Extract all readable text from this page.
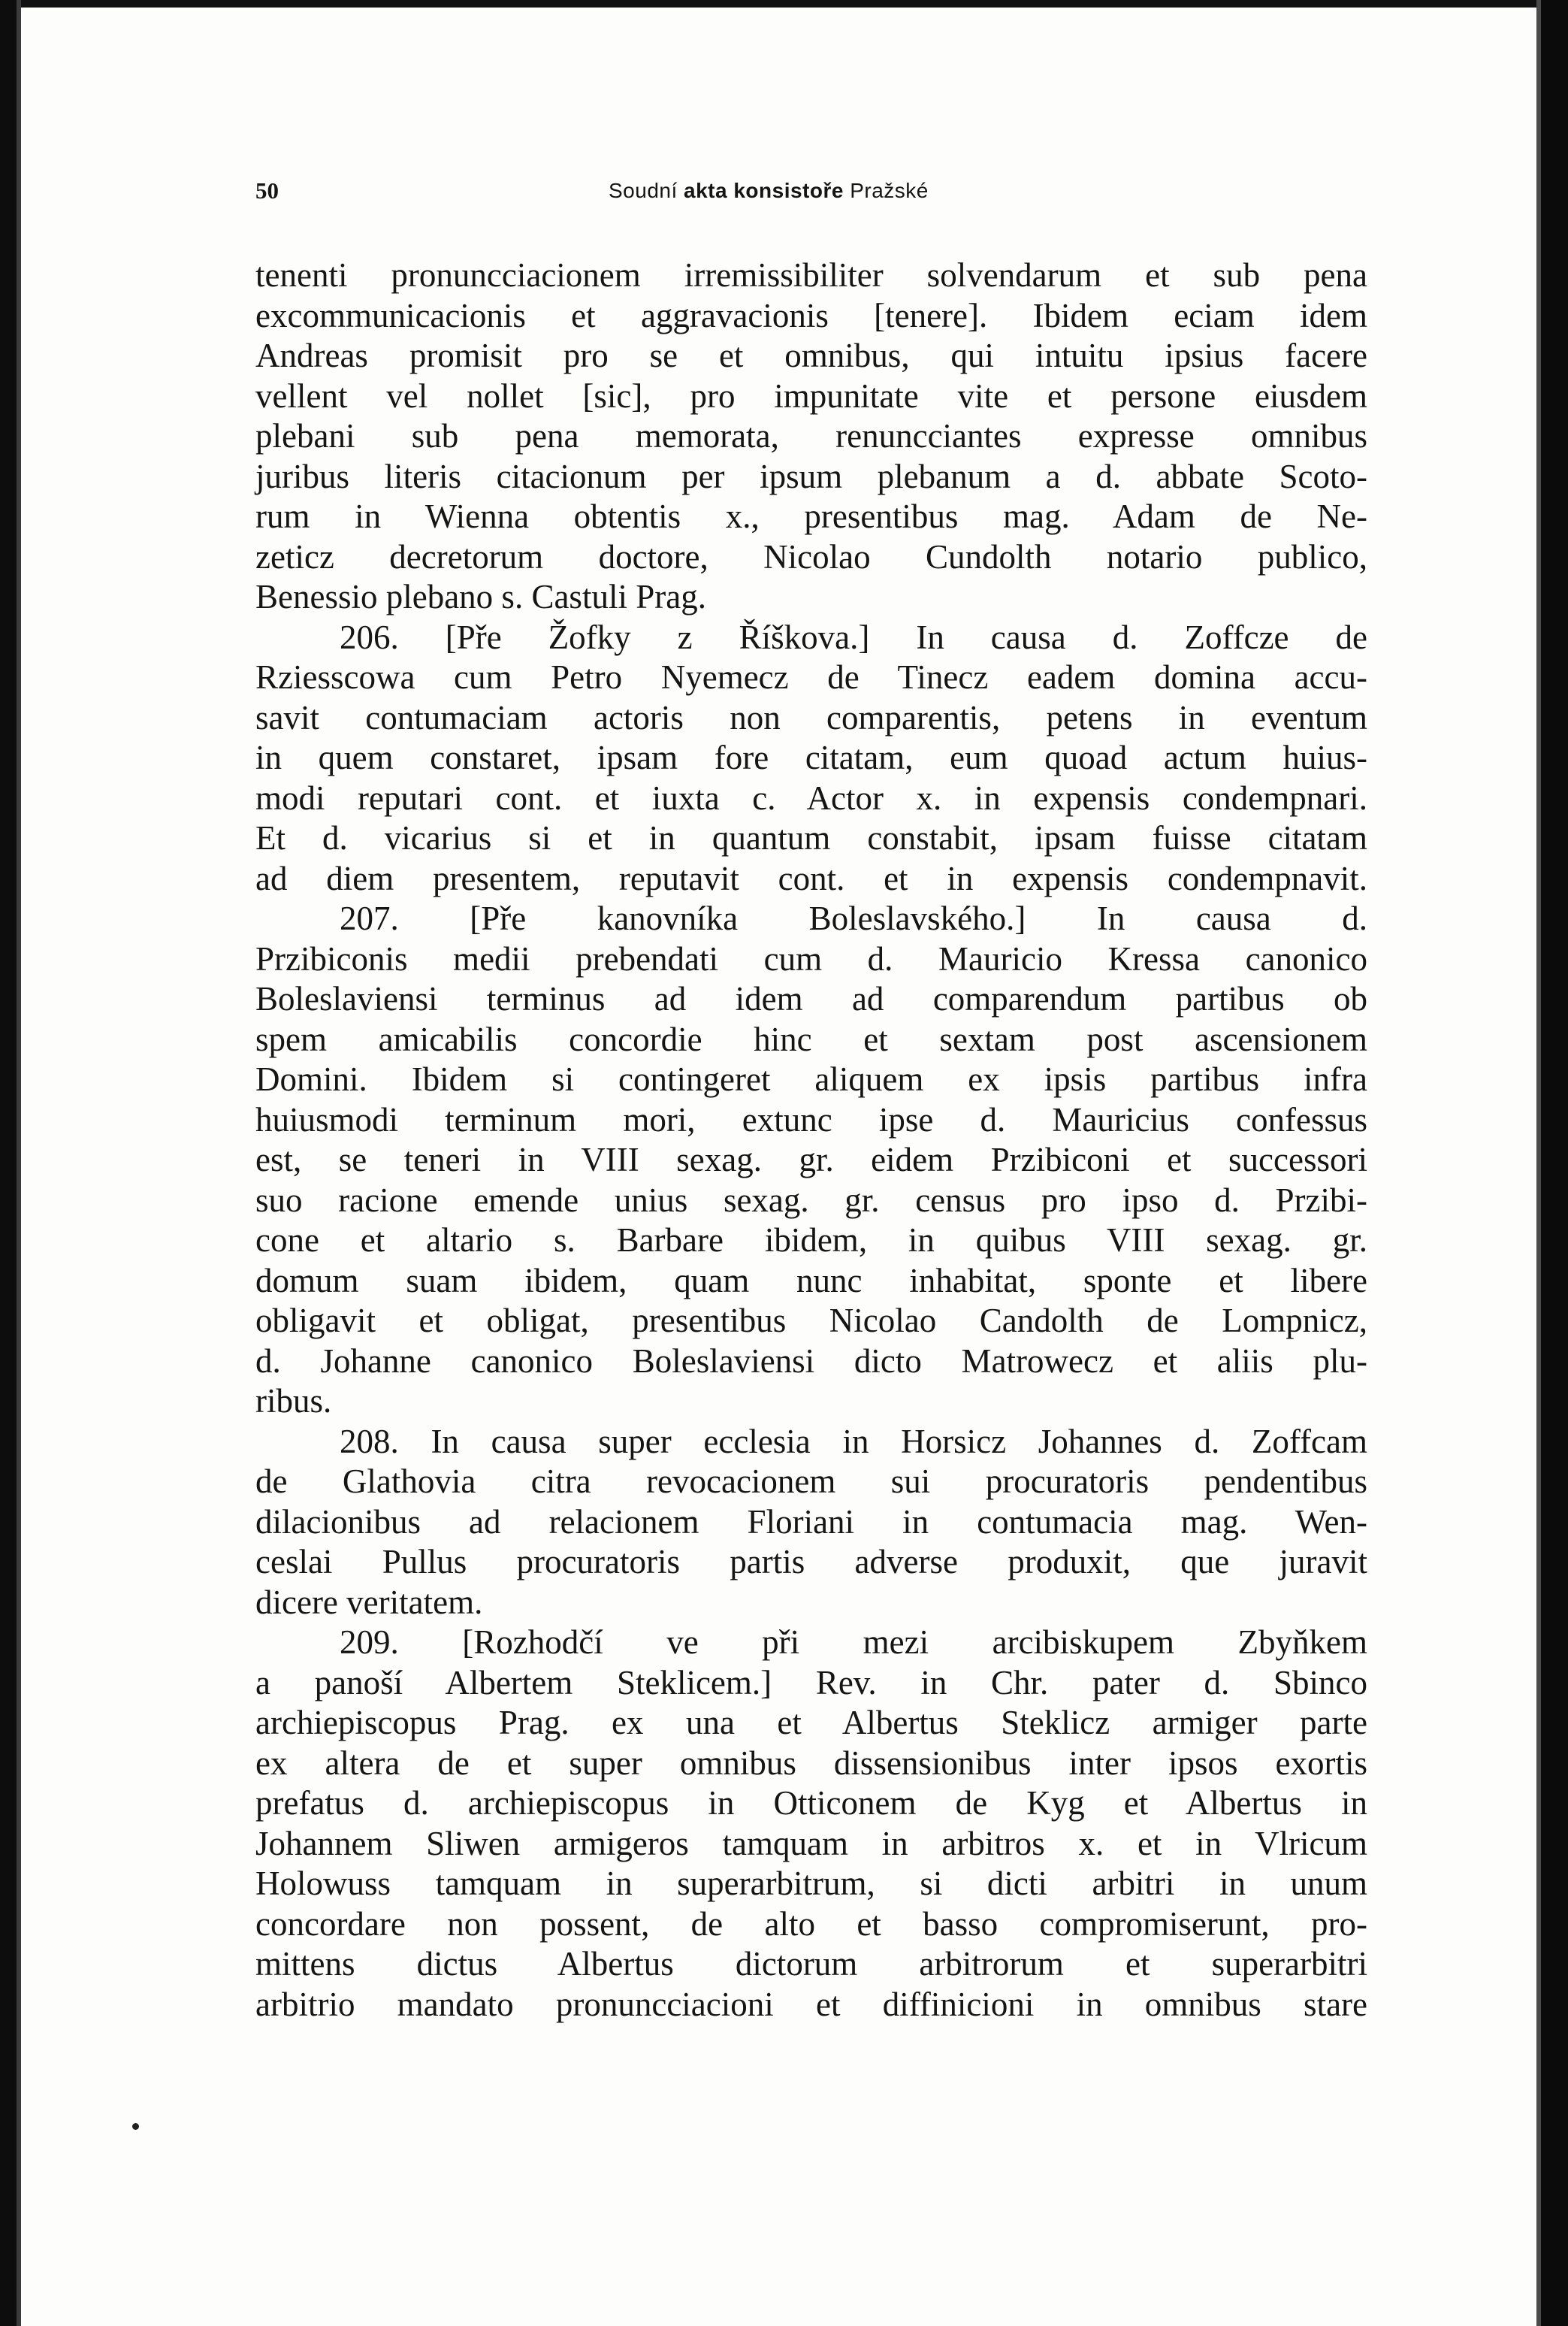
50	Soudní akta konsistoře Pražské
tenenti pronuncciacionem irremissibiliter solvendarum et sub pena
excommunicacionis et aggravacionis [tenere]. Ibidem eciam idem
Andreas promisit pro se et omnibus, qui intuitu ipsius facere
vellent vel nollet [sic], pro impunitate vite et persone eiusdem
plebani sub pena memorata, renuncciantes expresse omnibus
juribus literis citacionum per ipsum plebanum a d. abbate Scoto-
rum in Wienna obtentis x., presentibus mag. Adam de Ne-
zeticz decretorum doctore, Nicolao Cundolth notario publico,
Benessio plebano s. Castuli Prag.
206. [Pře Žofky z Říškova.] In causa d. Zoffcze de
Rziesscowa cum Petro Nyemecz de Tinecz eadem domina accu-
savit contumaciam actoris non comparentis, petens in eventum
in quem constaret, ipsam fore citatam, eum quoad actum huius-
modi reputari cont. et iuxta c. Actor x. in expensis condempnari.
Et d. vicarius si et in quantum constabit, ipsam fuisse citatam
ad diem presentem, reputavit cont. et in expensis condempnavit.
207. [Pře kanovníka Boleslavského.] In causa d.
Przibiconis medii prebendati cum d. Mauricio Kressa canonico
Boleslaviensi terminus ad idem ad comparendum partibus ob
spem amicabilis concordie hinc et sextam post ascensionem
Domini. Ibidem si contingeret aliquem ex ipsis partibus infra
huiusmodi terminum mori, extunc ipse d. Mauricius confessus
est, se teneri in VIII sexag. gr. eidem Przibiconi et successori
suo racione emende unius sexag. gr. census pro ipso d. Przibi-
cone et altario s. Barbare ibidem, in quibus VIII sexag. gr.
domum suam ibidem, quam nunc inhabitat, sponte et libere
obligavit et obligat, presentibus Nicolao Candolth de Lompnicz,
d. Johanne canonico Boleslaviensi dicto Matrowecz et aliis plu-
ribus.
208. In causa super ecclesia in Horsicz Johannes d. Zoffcam
de Glathovia citra revocacionem sui procuratoris pendentibus
dilacionibus ad relacionem Floriani in contumacia mag. Wen-
ceslai Pullus procuratoris partis adverse produxit, que juravit
dicere veritatem.
209. [Rozhodčí ve při mezi arcibiskupem Zbyňkem
a panoší Albertem Steklicem.] Rev. in Chr. pater d. Sbinco
archiepiscopus Prag. ex una et Albertus Steklicz armiger parte
ex altera de et super omnibus dissensionibus inter ipsos exortis
prefatus d. archiepiscopus in Otticonem de Kyg et Albertus in
Johannem Sliwen armigeros tamquam in arbitros x. et in Vlricum
Holowuss tamquam in superarbitrum, si dicti arbitri in unum
concordare non possent, de alto et basso compromiserunt, pro-
mittens dictus Albertus dictorum arbitrorum et superarbitri
arbitrio mandato pronuncciacioni et diffinicioni in omnibus stare
